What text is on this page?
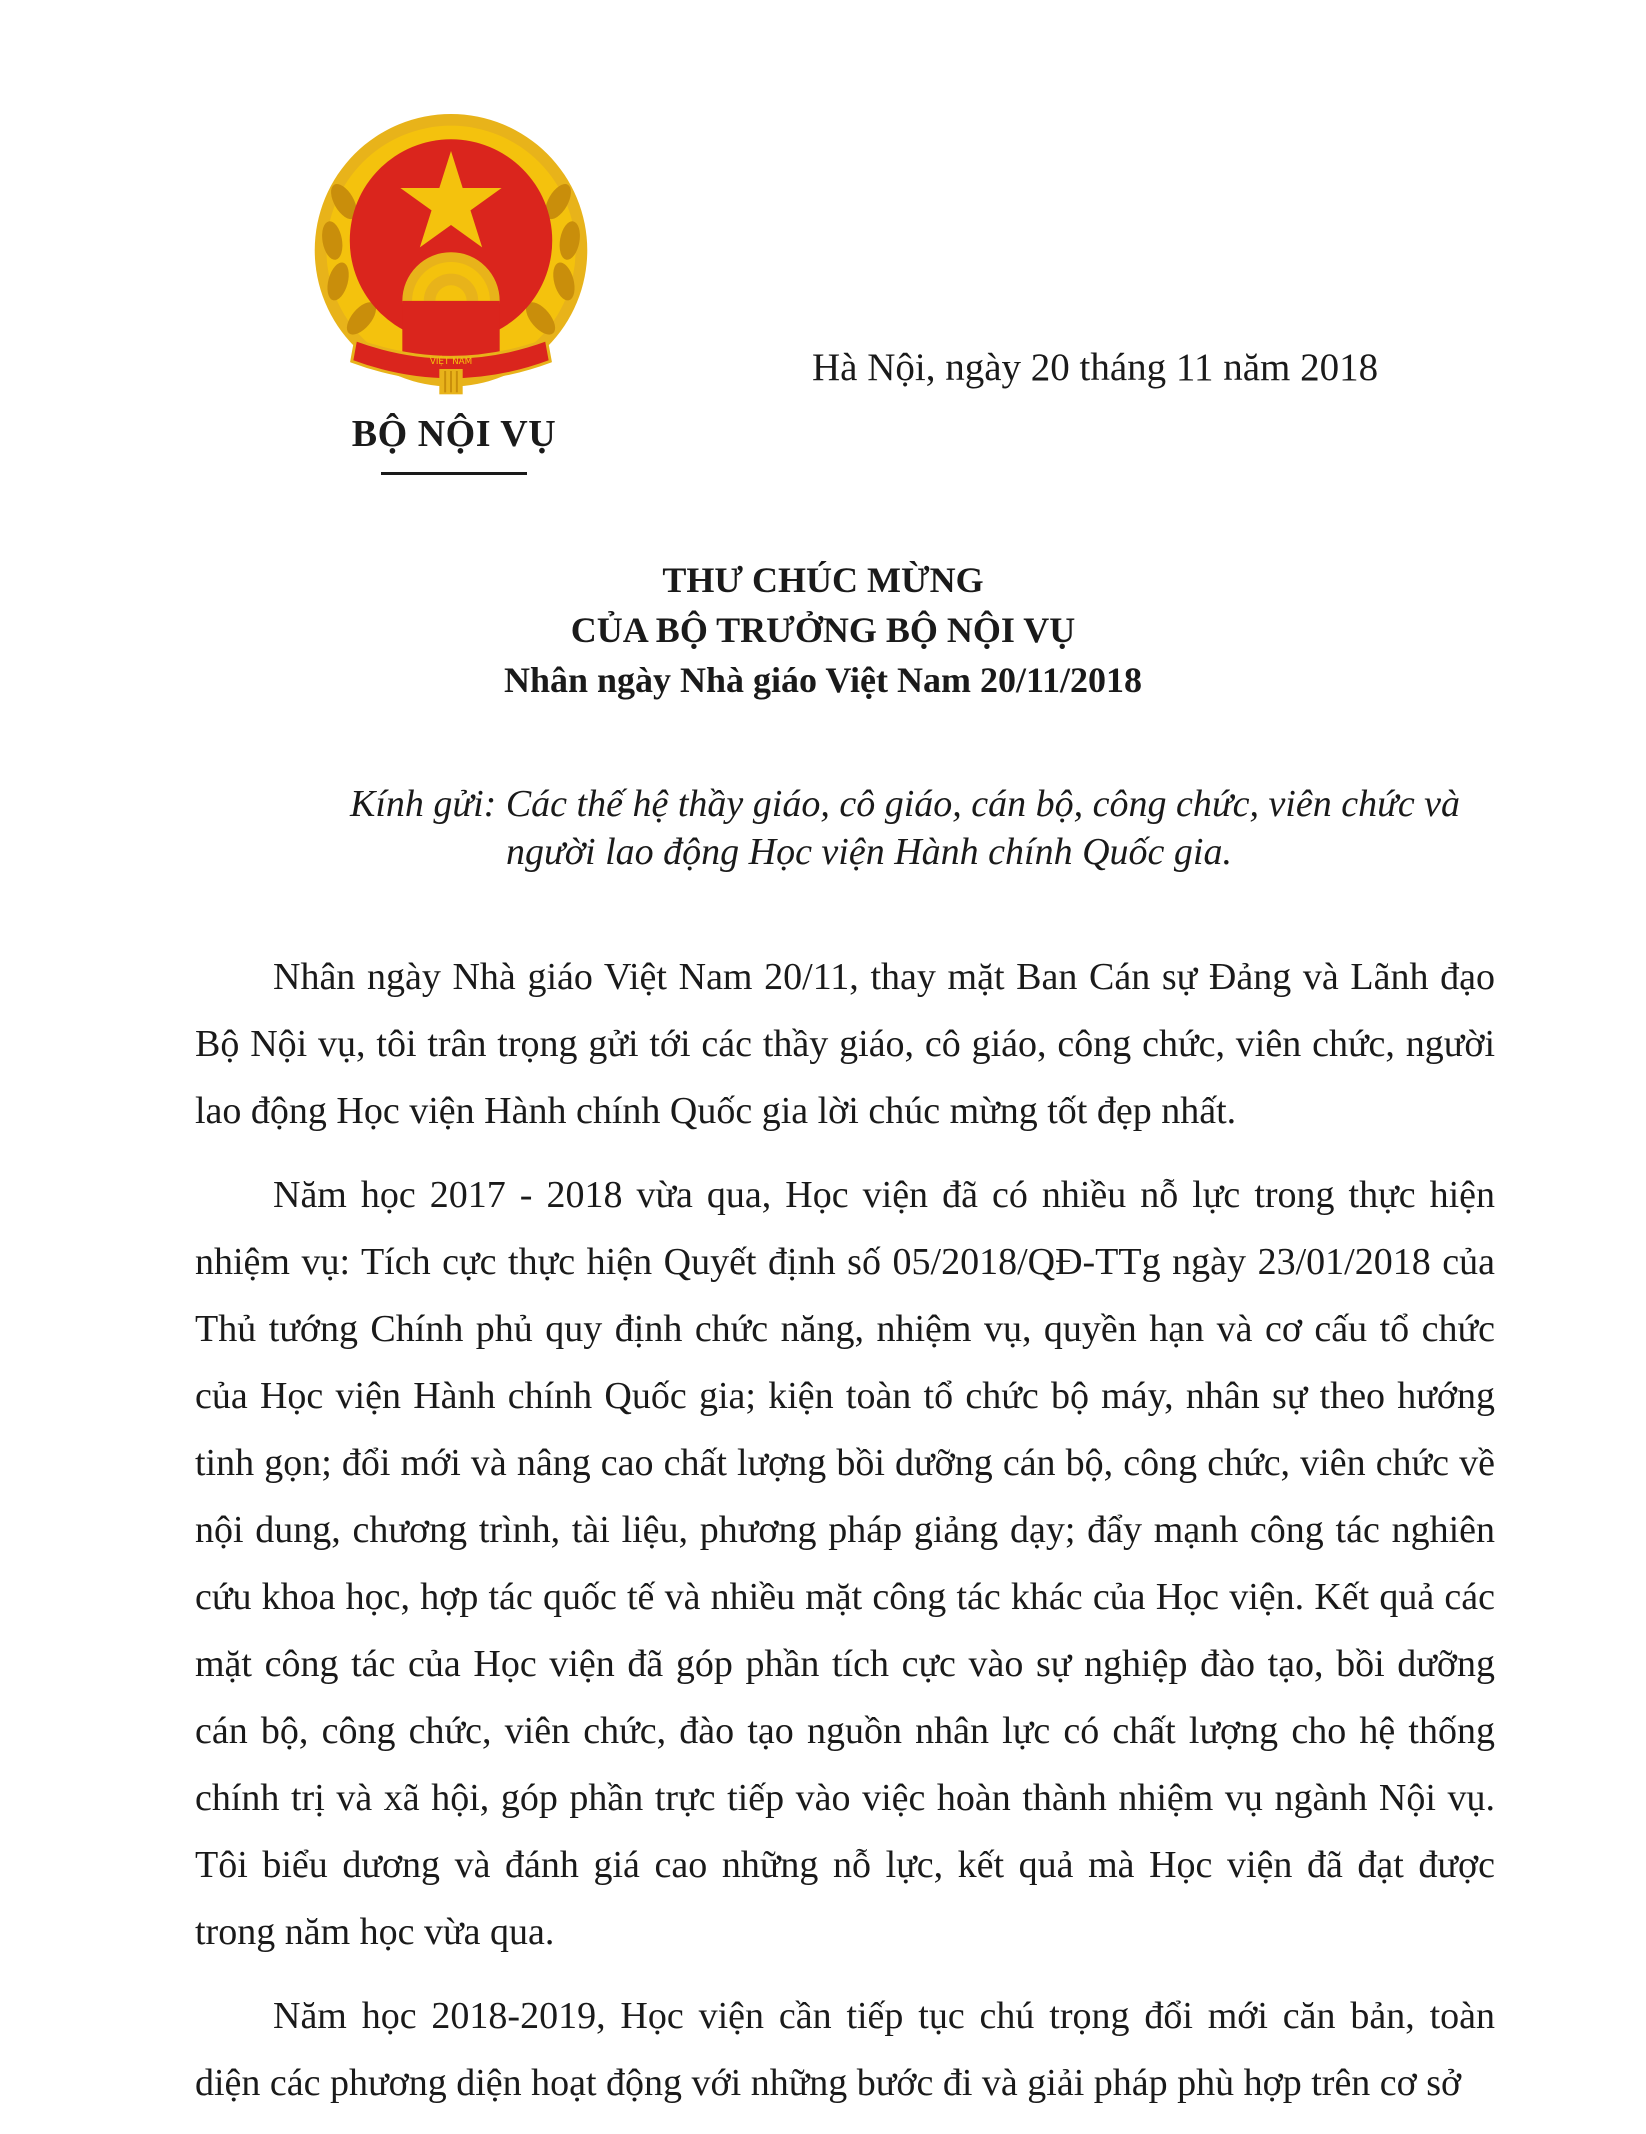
VIỆT NAM
BỘ NỘI VỤ
Hà Nội, ngày 20 tháng 11 năm 2018
THƯ CHÚC MỪNG
CỦA BỘ TRƯỞNG BỘ NỘI VỤ
Nhân ngày Nhà giáo Việt Nam 20/11/2018
Kính gửi: Các thế hệ thầy giáo, cô giáo, cán bộ, công chức, viên chức và
người lao động Học viện Hành chính Quốc gia.

Nhân ngày Nhà giáo Việt Nam 20/11, thay mặt Ban Cán sự Đảng và Lãnh đạo Bộ Nội vụ, tôi trân trọng gửi tới các thầy giáo, cô giáo, công chức, viên chức, người lao động Học viện Hành chính Quốc gia lời chúc mừng tốt đẹp nhất.

Năm học 2017 - 2018 vừa qua, Học viện đã có nhiều nỗ lực trong thực hiện nhiệm vụ: Tích cực thực hiện Quyết định số 05/2018/QĐ-TTg ngày 23/01/2018 của Thủ tướng Chính phủ quy định chức năng, nhiệm vụ, quyền hạn và cơ cấu tổ chức của Học viện Hành chính Quốc gia; kiện toàn tổ chức bộ máy, nhân sự theo hướng tinh gọn; đổi mới và nâng cao chất lượng bồi dưỡng cán bộ, công chức, viên chức về nội dung, chương trình, tài liệu, phương pháp giảng dạy; đẩy mạnh công tác nghiên cứu khoa học, hợp tác quốc tế và nhiều mặt công tác khác của Học viện. Kết quả các mặt công tác của Học viện đã góp phần tích cực vào sự nghiệp đào tạo, bồi dưỡng cán bộ, công chức, viên chức, đào tạo nguồn nhân lực có chất lượng cho hệ thống chính trị và xã hội, góp phần trực tiếp vào việc hoàn thành nhiệm vụ ngành Nội vụ. Tôi biểu dương và đánh giá cao những nỗ lực, kết quả mà Học viện đã đạt được trong năm học vừa qua.

Năm học 2018-2019, Học viện cần tiếp tục chú trọng đổi mới căn bản, toàn diện các phương diện hoạt động với những bước đi và giải pháp phù hợp trên cơ sở
